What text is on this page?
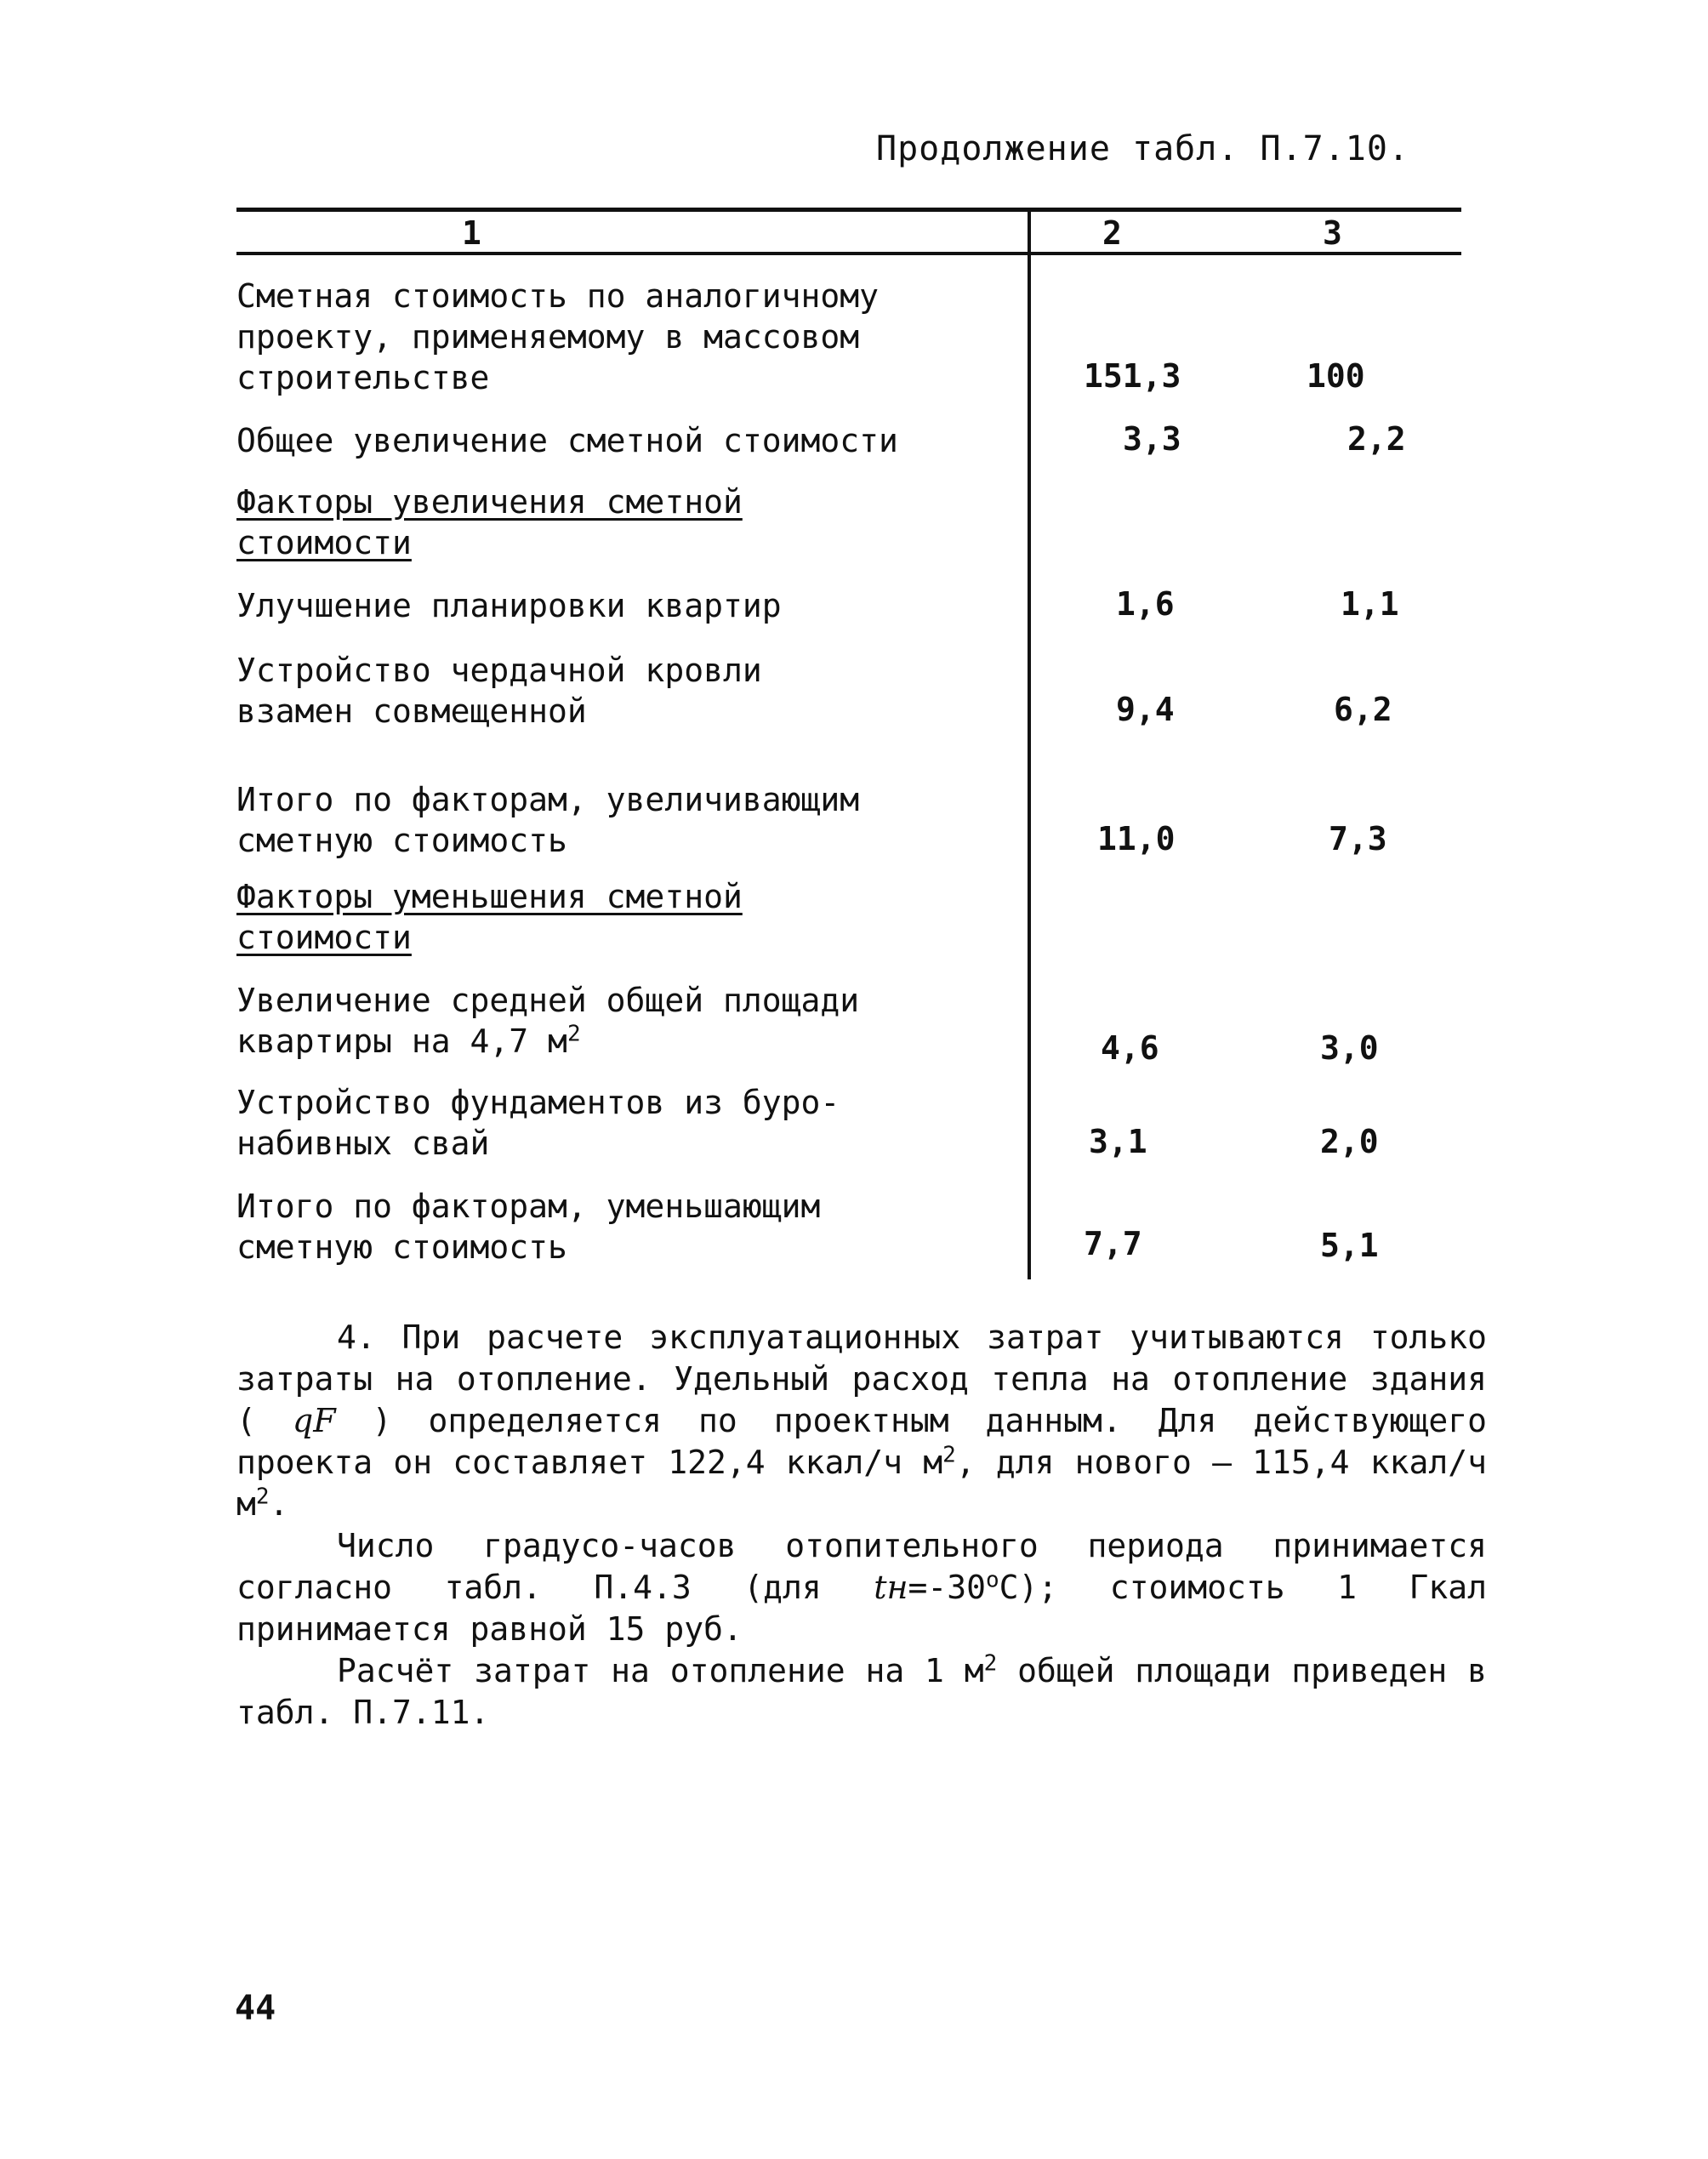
Продолжение табл. П.7.10.
1	2	3
Сметная стоимость по аналогичному
проекту, применяемому в массовом
строительстве	151,3	100
Общее увеличение сметной стоимости	3,3	2,2
Факторы увеличения сметной
стоимости
Улучшение планировки квартир	1,6	1,1
Устройство чердачной кровли
взамен совмещенной	9,4	6,2
Итого по факторам, увеличивающим
сметную стоимость	11,0	7,3
Факторы уменьшения сметной
стоимости
Увеличение средней общей площади
квартиры на 4,7 $м^2$	4,6	3,0
Устройство фундаментов из буро-
набивных свай	3,1	2,0
Итого по факторам, уменьшающим
сметную стоимость	7,7	5,1

4. При расчете эксплуатационных затрат учитываются только затраты на отопление. Удельный расход тепла на отопление здания ( qF ) определяется по проектным данным. Для действующего проекта он составляет 122,4 ккал/ч $м^2$, для нового – 115,4 ккал/ч $м^2$.

Число градусо-часов отопительного периода принимается согласно табл. П.4.3 (для $tн=-30^oC$); стоимость 1 Гкал принимается равной 15 руб.

Расчёт затрат на отопление на 1 $м^2$ общей площади приведен в табл. П.7.11.

44
